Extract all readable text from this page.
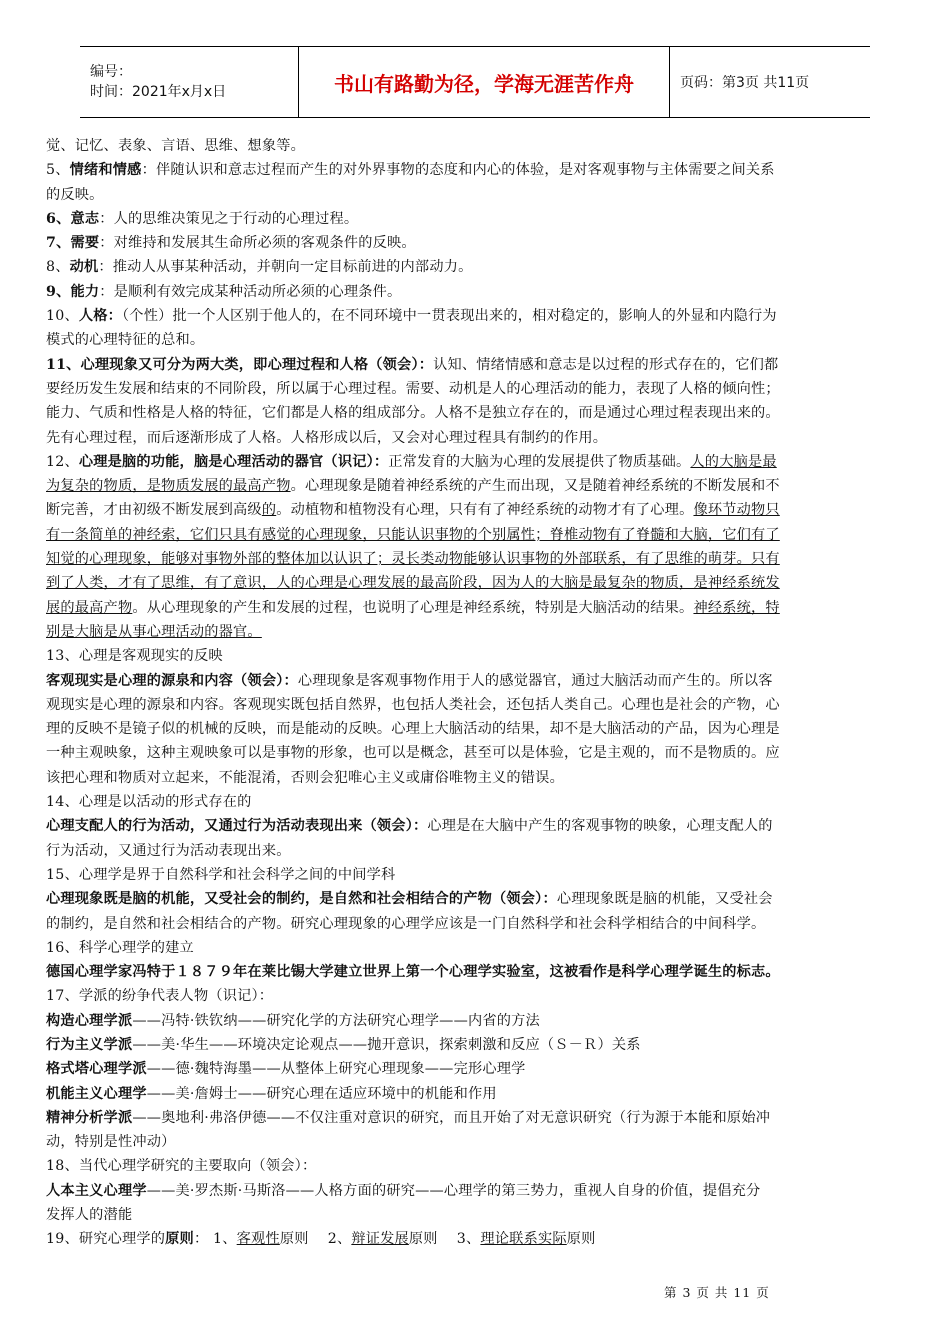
编号：
时间：2021年x月x日	书山有路勤为径，学海无涯苦作舟	页码：第3页 共11页

觉、记忆、表象、言语、思维、想象等。

5、情绪和情感：伴随认识和意志过程而产生的对外界事物的态度和内心的体验，是对客观事物与主体需要之间关系

的反映。

6、意志：人的思维决策见之于行动的心理过程。

7、需要：对维持和发展其生命所必须的客观条件的反映。

8、动机：推动人从事某种活动，并朝向一定目标前进的内部动力。

9、能力：是顺利有效完成某种活动所必须的心理条件。

10、人格：（个性）批一个人区别于他人的，在不同环境中一贯表现出来的，相对稳定的，影响人的外显和内隐行为

模式的心理特征的总和。

11、心理现象又可分为两大类，即心理过程和人格（领会）：认知、情绪情感和意志是以过程的形式存在的，它们都

要经历发生发展和结束的不同阶段，所以属于心理过程。需要、动机是人的心理活动的能力，表现了人格的倾向性；

能力、气质和性格是人格的特征，它们都是人格的组成部分。人格不是独立存在的，而是通过心理过程表现出来的。

先有心理过程，而后逐渐形成了人格。人格形成以后，又会对心理过程具有制约的作用。

12、心理是脑的功能，脑是心理活动的器官（识记）：正常发育的大脑为心理的发展提供了物质基础。人的大脑是最

为复杂的物质，是物质发展的最高产物。心理现象是随着神经系统的产生而出现，又是随着神经系统的不断发展和不

断完善，才由初级不断发展到高级的。动植物和植物没有心理，只有有了神经系统的动物才有了心理。像环节动物只

有一条简单的神经索，它们只具有感觉的心理现象，只能认识事物的个别属性；脊椎动物有了脊髓和大脑，它们有了

知觉的心理现象，能够对事物外部的整体加以认识了；灵长类动物能够认识事物的外部联系，有了思维的萌芽。只有

到了人类，才有了思维，有了意识，人的心理是心理发展的最高阶段，因为人的大脑是最复杂的物质，是神经系统发

展的最高产物。从心理现象的产生和发展的过程，也说明了心理是神经系统，特别是大脑活动的结果。神经系统，特

别是大脑是从事心理活动的器官。

13、心理是客观现实的反映

客观现实是心理的源泉和内容（领会）：心理现象是客观事物作用于人的感觉器官，通过大脑活动而产生的。所以客

观现实是心理的源泉和内容。客观现实既包括自然界，也包括人类社会，还包括人类自己。心理也是社会的产物，心

理的反映不是镜子似的机械的反映，而是能动的反映。心理上大脑活动的结果，却不是大脑活动的产品，因为心理是

一种主观映象，这种主观映象可以是事物的形象，也可以是概念，甚至可以是体验，它是主观的，而不是物质的。应

该把心理和物质对立起来，不能混淆，否则会犯唯心主义或庸俗唯物主义的错误。

14、心理是以活动的形式存在的

心理支配人的行为活动，又通过行为活动表现出来（领会）：心理是在大脑中产生的客观事物的映象，心理支配人的

行为活动，又通过行为活动表现出来。

15、心理学是界于自然科学和社会科学之间的中间学科

心理现象既是脑的机能，又受社会的制约，是自然和社会相结合的产物（领会）：心理现象既是脑的机能，又受社会

的制约，是自然和社会相结合的产物。研究心理现象的心理学应该是一门自然科学和社会科学相结合的中间科学。

16、科学心理学的建立

德国心理学家冯特于１８７９年在莱比锡大学建立世界上第一个心理学实验室，这被看作是科学心理学诞生的标志。

17、学派的纷争代表人物（识记）：

构造心理学派——冯特·铁钦纳——研究化学的方法研究心理学——内省的方法

行为主义学派——美·华生——环境决定论观点——抛开意识，探索刺激和反应（Ｓ－Ｒ）关系

格式塔心理学派——德·魏特海墨——从整体上研究心理现象——完形心理学

机能主义心理学——美·詹姆士——研究心理在适应环境中的机能和作用

精神分析学派——奥地利·弗洛伊德——不仅注重对意识的研究，而且开始了对无意识研究（行为源于本能和原始冲

动，特别是性冲动）

18、当代心理学研究的主要取向（领会）：

人本主义心理学——美·罗杰斯·马斯洛——人格方面的研究——心理学的第三势力，重视人自身的价值，提倡充分

发挥人的潜能

19、研究心理学的原则： 1、客观性原则　 2、辩证发展原则　 3、理论联系实际原则

第 3 页 共 11 页
